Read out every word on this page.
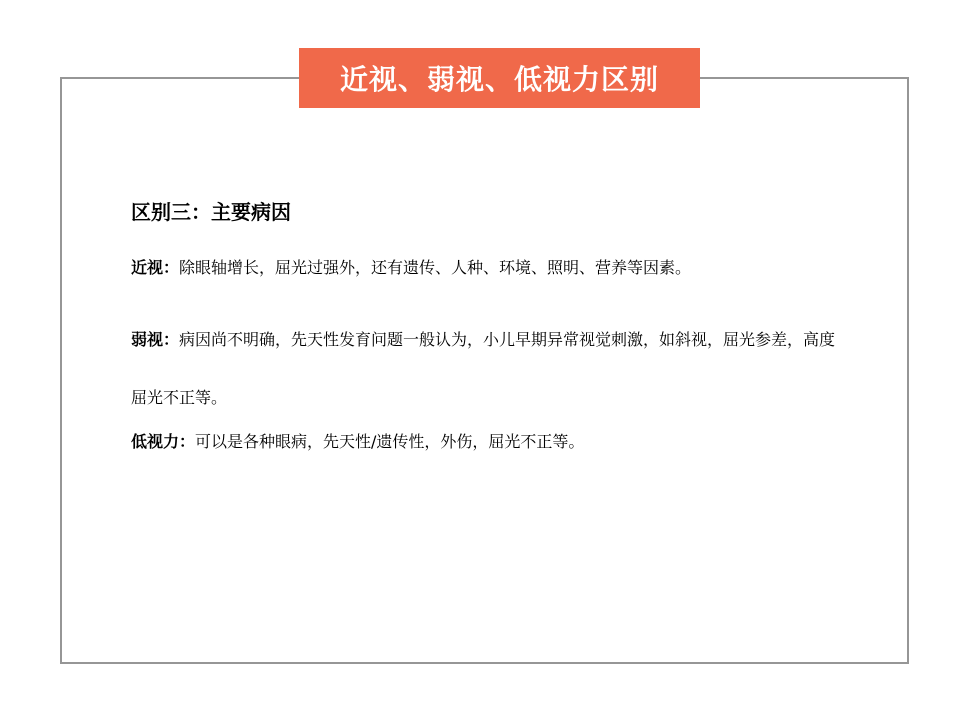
近视、弱视、低视力区别

区别三：主要病因

近视：除眼轴增长，屈光过强外，还有遗传、人种、环境、照明、营养等因素。

弱视：病因尚不明确，先天性发育问题一般认为，小儿早期异常视觉刺激，如斜视，屈光参差，高度屈光不正等。

低视力：可以是各种眼病，先天性/遗传性，外伤，屈光不正等。
